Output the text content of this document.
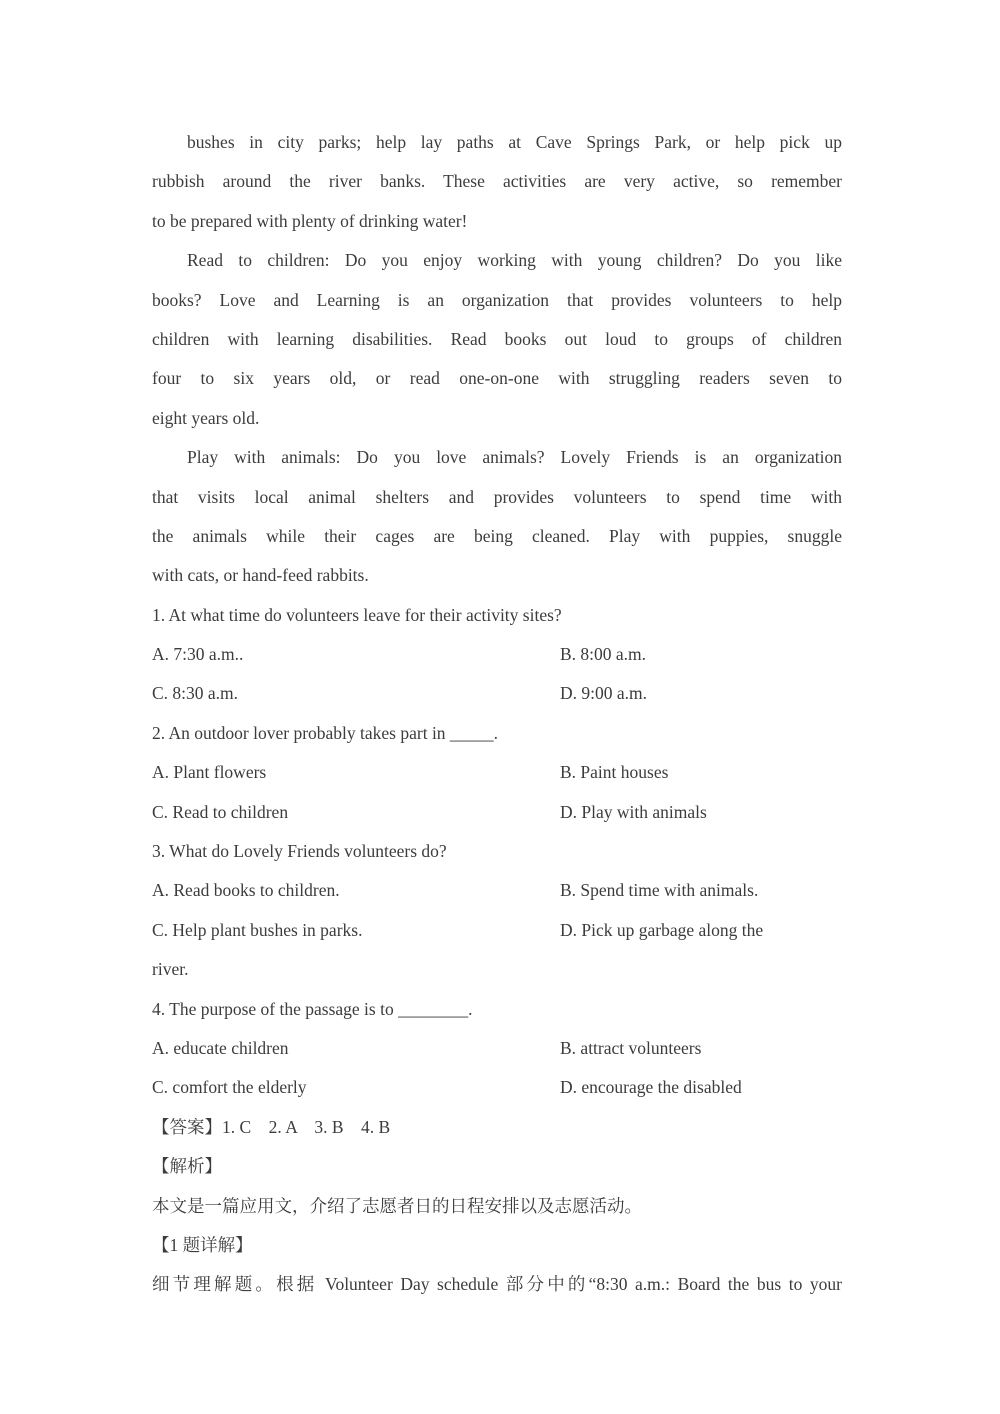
bushes in city parks; help lay paths at Cave Springs Park, or help pick up
rubbish around the river banks. These activities are very active, so remember
to be prepared with plenty of drinking water!
Read to children: Do you enjoy working with young children? Do you like
books? Love and Learning is an organization that provides volunteers to help
children with learning disabilities. Read books out loud to groups of children
four to six years old, or read one-on-one with struggling readers seven to
eight years old.
Play with animals: Do you love animals? Lovely Friends is an organization
that visits local animal shelters and provides volunteers to spend time with
the animals while their cages are being cleaned. Play with puppies, snuggle
with cats, or hand-feed rabbits.
1. At what time do volunteers leave for their activity sites?
A. 7:30 a.m..	B. 8:00 a.m.
C. 8:30 a.m.	D. 9:00 a.m.
2. An outdoor lover probably takes part in _____.
A. Plant flowers	B. Paint houses
C. Read to children	D. Play with animals
3. What do Lovely Friends volunteers do?
A. Read books to children.	B. Spend time with animals.
C. Help plant bushes in parks.	D. Pick up garbage along the
river.
4. The purpose of the passage is to ________.
A. educate children	B. attract volunteers
C. comfort the elderly	D. encourage the disabled
【答案】1. C    2. A    3. B    4. B
【解析】
本文是一篇应用文，介绍了志愿者日的日程安排以及志愿活动。
【1 题详解】
细节理解题。根据 Volunteer Day schedule 部分中的“8:30 a.m.: Board the bus to your
